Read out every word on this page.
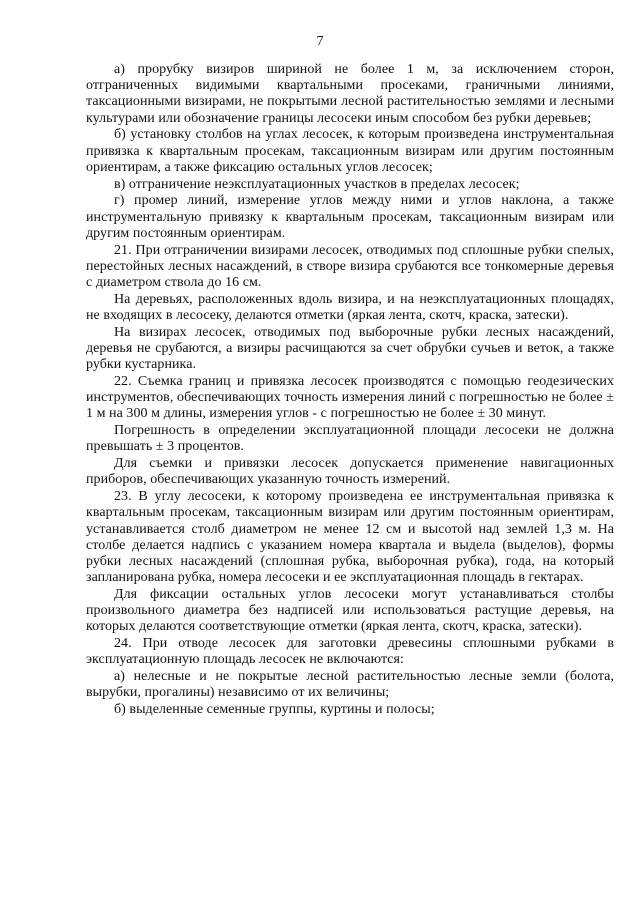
7

а) прорубку визиров шириной не более 1 м, за исключением сторон, отграниченных видимыми квартальными просеками, граничными линиями, таксационными визирами, не покрытыми лесной растительностью землями и лесными культурами или обозначение границы лесосеки иным способом без рубки деревьев;

б) установку столбов на углах лесосек, к которым произведена инструментальная привязка к квартальным просекам, таксационным визирам или другим постоянным ориентирам, а также фиксацию остальных углов лесосек;

в) отграничение неэксплуатационных участков в пределах лесосек;

г) промер линий, измерение углов между ними и углов наклона, а также инструментальную привязку к квартальным просекам, таксационным визирам или другим постоянным ориентирам.

21. При отграничении визирами лесосек, отводимых под сплошные рубки спелых, перестойных лесных насаждений, в створе визира срубаются все тонкомерные деревья с диаметром ствола до 16 см.

На деревьях, расположенных вдоль визира, и на неэксплуатационных площадях, не входящих в лесосеку, делаются отметки (яркая лента, скотч, краска, затески).

На визирах лесосек, отводимых под выборочные рубки лесных насаждений, деревья не срубаются, а визиры расчищаются за счет обрубки сучьев и веток, а также рубки кустарника.

22. Съемка границ и привязка лесосек производятся с помощью геодезических инструментов, обеспечивающих точность измерения линий с погрешностью не более ± 1 м на 300 м длины, измерения углов - с погрешностью не более ± 30 минут.

Погрешность в определении эксплуатационной площади лесосеки не должна превышать ± 3 процентов.

Для съемки и привязки лесосек допускается применение навигационных приборов, обеспечивающих указанную точность измерений.

23. В углу лесосеки, к которому произведена ее инструментальная привязка к квартальным просекам, таксационным визирам или другим постоянным ориентирам, устанавливается столб диаметром не менее 12 см и высотой над землей 1,3 м. На столбе делается надпись с указанием номера квартала и выдела (выделов), формы рубки лесных насаждений (сплошная рубка, выборочная рубка), года, на который запланирована рубка, номера лесосеки и ее эксплуатационная площадь в гектарах.

Для фиксации остальных углов лесосеки могут устанавливаться столбы произвольного диаметра без надписей или использоваться растущие деревья, на которых делаются соответствующие отметки (яркая лента, скотч, краска, затески).

24. При отводе лесосек для заготовки древесины сплошными рубками в эксплуатационную площадь лесосек не включаются:

а) нелесные и не покрытые лесной растительностью лесные земли (болота, вырубки, прогалины) независимо от их величины;

б) выделенные семенные группы, куртины и полосы;
